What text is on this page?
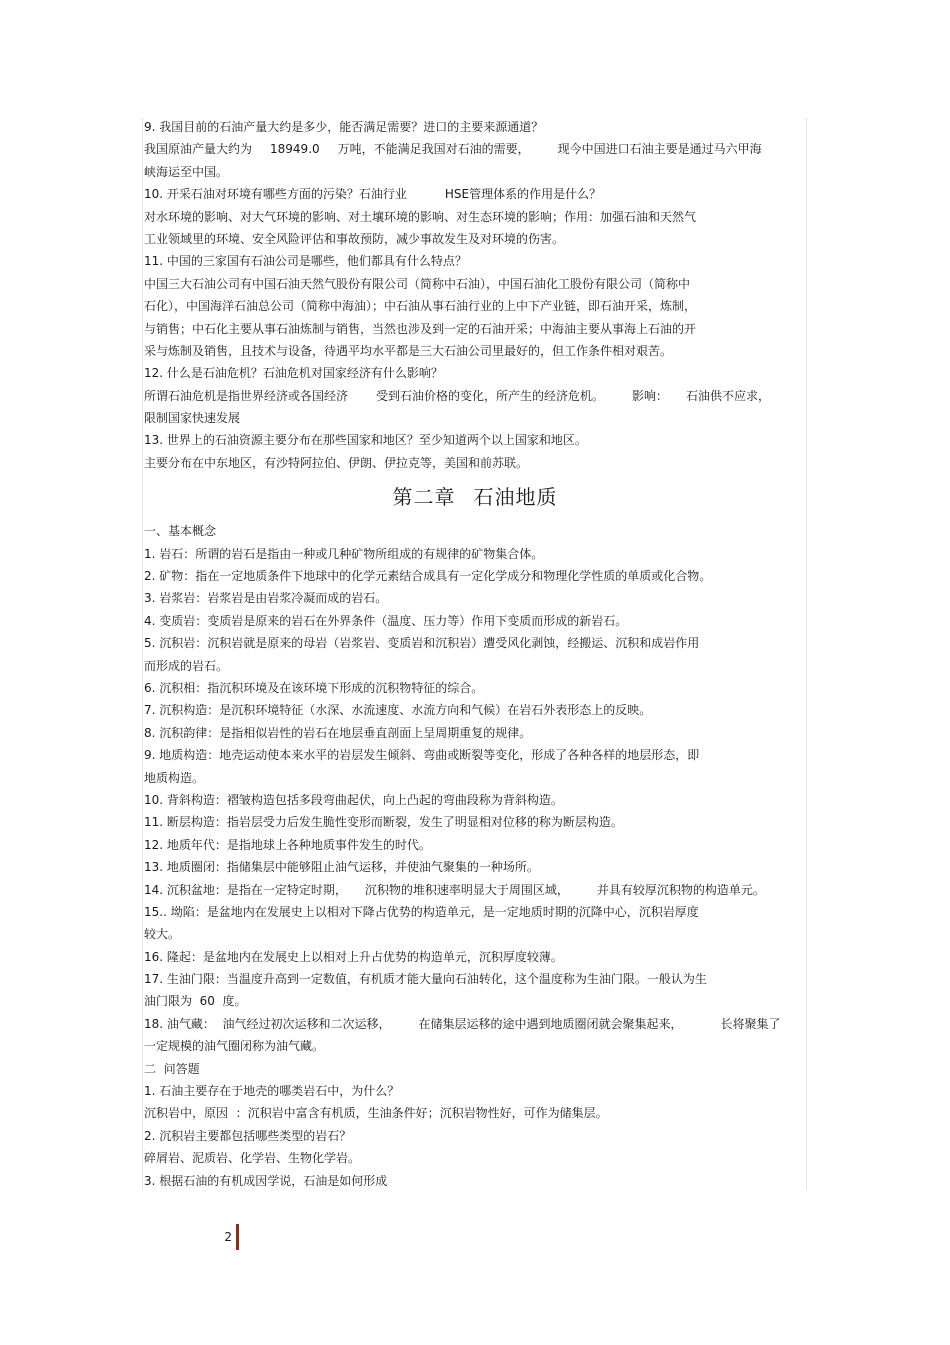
9. 我国目前的石油产量大约是多少，能否满足需要？进口的主要来源通道？
我国原油产量大约为 18949.0 万吨，不能满足我国对石油的需要， 现今中国进口石油主要是通过马六甲海
峡海运至中国。
10. 开采石油对环境有哪些方面的污染？石油行业	HSE管理体系的作用是什么？
对水环境的影响、对大气环境的影响、对土壤环境的影响、对生态环境的影响；作用：加强石油和天然气
工业领域里的环境、安全风险评估和事故预防，减少事故发生及对环境的伤害。
11. 中国的三家国有石油公司是哪些，他们都具有什么特点？
中国三大石油公司有中国石油天然气股份有限公司（简称中石油），中国石油化工股份有限公司（简称中
石化），中国海洋石油总公司（简称中海油）；中石油从事石油行业的上中下产业链，即石油开采，炼制，
与销售；中石化主要从事石油炼制与销售，当然也涉及到一定的石油开采；中海油主要从事海上石油的开
采与炼制及销售，且技术与设备，待遇平均水平都是三大石油公司里最好的，但工作条件相对艰苦。
12. 什么是石油危机？石油危机对国家经济有什么影响？
所谓石油危机是指世界经济或各国经济 受到石油价格的变化，所产生的经济危机。 影响： 石油供不应求，
限制国家快速发展
13. 世界上的石油资源主要分布在那些国家和地区？至少知道两个以上国家和地区。
主要分布在中东地区，有沙特阿拉伯、伊朗、伊拉克等，美国和前苏联。
第二章 石油地质
一、基本概念
1. 岩石：所谓的岩石是指由一种或几种矿物所组成的有规律的矿物集合体。
2. 矿物：指在一定地质条件下地球中的化学元素结合成具有一定化学成分和物理化学性质的单质或化合物。
3. 岩浆岩：岩浆岩是由岩浆冷凝而成的岩石。
4. 变质岩：变质岩是原来的岩石在外界条件（温度、压力等）作用下变质而形成的新岩石。
5. 沉积岩：沉积岩就是原来的母岩（岩浆岩、变质岩和沉积岩）遭受风化剥蚀，经搬运、沉积和成岩作用
而形成的岩石。
6. 沉积相：指沉积环境及在该环境下形成的沉积物特征的综合。
7. 沉积构造：是沉积环境特征（水深、水流速度、水流方向和气候）在岩石外表形态上的反映。
8. 沉积韵律：是指相似岩性的岩石在地层垂直剖面上呈周期重复的规律。
9. 地质构造：地壳运动使本来水平的岩层发生倾斜、弯曲或断裂等变化，形成了各种各样的地层形态，即
地质构造。
10. 背斜构造：褶皱构造包括多段弯曲起伏，向上凸起的弯曲段称为背斜构造。
11. 断层构造：指岩层受力后发生脆性变形而断裂，发生了明显相对位移的称为断层构造。
12. 地质年代：是指地球上各种地质事件发生的时代。
13. 地质圈闭：指储集层中能够阻止油气运移，并使油气聚集的一种场所。
14. 沉积盆地：是指在一定特定时期， 沉积物的堆积速率明显大于周围区域， 并具有较厚沉积物的构造单元。
15.. 坳陷：是盆地内在发展史上以相对下降占优势的构造单元，是一定地质时期的沉降中心，沉积岩厚度
较大。
16. 隆起：是盆地内在发展史上以相对上升占优势的构造单元，沉积厚度较薄。
17. 生油门限：当温度升高到一定数值，有机质才能大量向石油转化，这个温度称为生油门限。一般认为生
油门限为  60  度。
18. 油气藏：  油气经过初次运移和二次运移， 在储集层运移的途中遇到地质圈闭就会聚集起来，	长将聚集了
一定规模的油气圈闭称为油气藏。
二  问答题
1. 石油主要存在于地壳的哪类岩石中，为什么？
沉积岩中，原因  ：沉积岩中富含有机质，生油条件好；沉积岩物性好，可作为储集层。
2. 沉积岩主要都包括哪些类型的岩石？
碎屑岩、泥质岩、化学岩、生物化学岩。
3. 根据石油的有机成因学说，石油是如何形成
2
